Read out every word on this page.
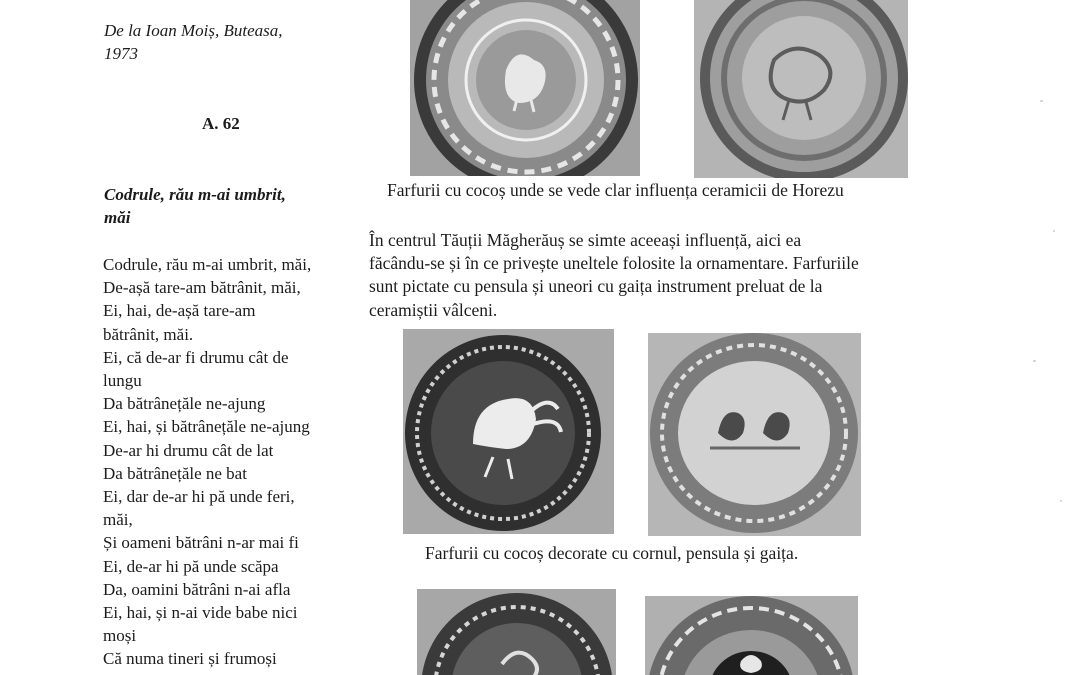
De la Ioan Moiș, Buteasa,
1973
A. 62
Codrule, rău m-ai umbrit,
măi
Codrule, rău m-ai umbrit, măi,
De-așă tare-am bătrânit, măi,
Ei, hai, de-așă tare-am
bătrânit, măi.
Ei, că de-ar fi drumu cât de
lungu
Da bătrânețăle ne-ajung
Ei, hai, și bătrânețăle ne-ajung
De-ar hi drumu cât de lat
Da bătrânețăle ne bat
Ei, dar de-ar hi pă unde feri,
măi,
Și oameni bătrâni n-ar mai fi
Ei, de-ar hi pă unde scăpa
Da, oamini bătrâni n-ai afla
Ei, hai, și n-ai vide babe nici
moși
Că numa tineri și frumoși
Farfurii cu cocoș unde se vede clar influența ceramicii de Horezu
În centrul Tăuții Măgherăuș se simte aceeași influență, aici ea
făcându-se și în ce privește uneltele folosite la ornamentare. Farfuriile
sunt pictate cu pensula și uneori cu gaița instrument preluat de la
ceramiștii vâlceni.
Farfurii cu cocoș decorate cu cornul, pensula și gaița.
